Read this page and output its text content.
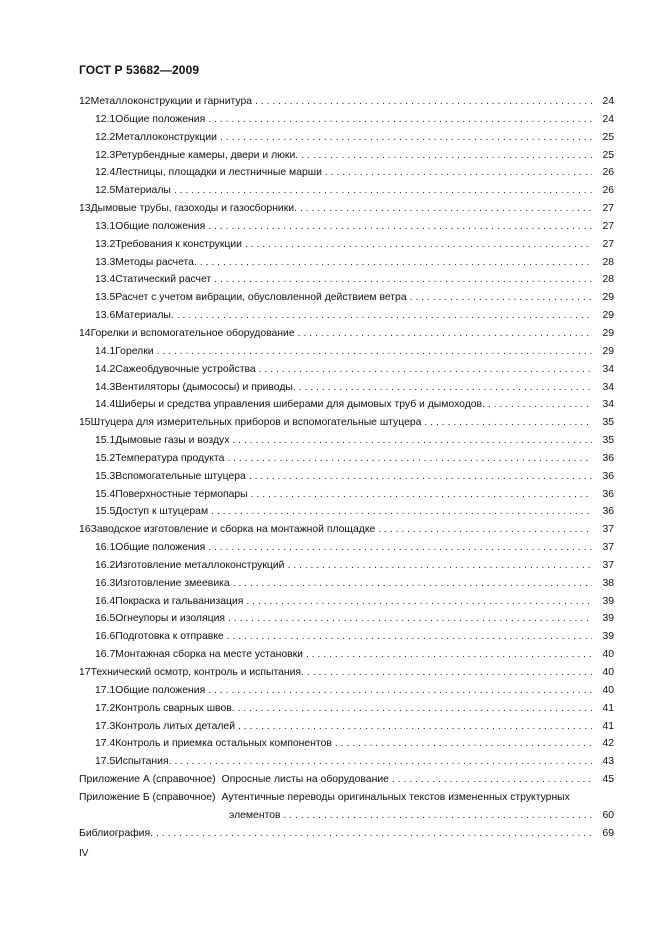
ГОСТ Р 53682—2009
12 Металлоконструкции и гарнитура . . .	24
12.1 Общие положения . . .	24
12.2 Металлоконструкции . . .	25
12.3 Ретурбендные камеры, двери и люки. . . .	25
12.4 Лестницы, площадки и лестничные марши . . .	26
12.5 Материалы . . .	26
13 Дымовые трубы, газоходы и газосборники. . . .	27
13.1 Общие положения . . .	27
13.2 Требования к конструкции . . .	27
13.3 Методы расчета. . . .	28
13.4 Статический расчет . . .	28
13.5 Расчет с учетом вибрации, обусловленной действием ветра . . .	29
13.6 Материалы. . . .	29
14 Горелки и вспомогательное оборудование . . .	29
14.1 Горелки . . .	29
14.2 Сажеобдувочные устройства . . .	34
14.3 Вентиляторы (дымососы) и приводы. . . .	34
14.4 Шиберы и средства управления шиберами для дымовых труб и дымоходов. . . .	34
15 Штуцера для измерительных приборов и вспомогательные штуцера . . .	35
15.1 Дымовые газы и воздух . . .	35
15.2 Температура продукта . . .	36
15.3 Вспомогательные штуцера . . .	36
15.4 Поверхностные термопары . . .	36
15.5 Доступ к штуцерам . . .	36
16 Заводское изготовление и сборка на монтажной площадке . . .	37
16.1 Общие положения . . .	37
16.2 Изготовление металлоконструкций . . .	37
16.3 Изготовление змеевика . . .	38
16.4 Покраска и гальванизация . . .	39
16.5 Огнеупоры и изоляция . . .	39
16.6 Подготовка к отправке . . .	39
16.7 Монтажная сборка на месте установки . . .	40
17 Технический осмотр, контроль и испытания. . . .	40
17.1 Общие положения . . .	40
17.2 Контроль сварных швов. . . .	41
17.3 Контроль литых деталей . . .	41
17.4 Контроль и приемка остальных компонентов . . .	42
17.5 Испытания. . . .	43
Приложение А (справочное) Опросные листы на оборудование . . .	45
Приложение Б (справочное) Аутентичные переводы оригинальных текстов измененных структурных
элементов . . .	60
Библиография. . . .	69
IV
